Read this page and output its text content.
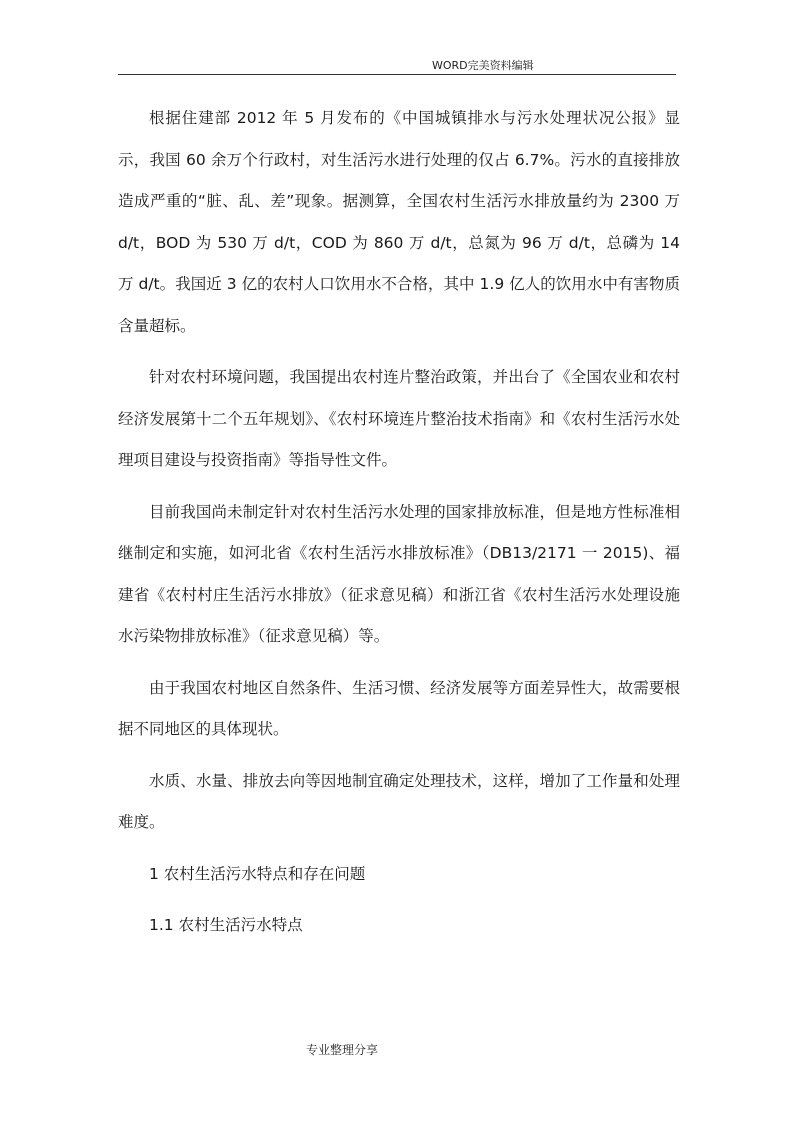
WORD完美资料编辑

根据住建部 2012 年 5 月发布的《中国城镇排水与污水处理状况公报》显示，我国 60 余万个行政村，对生活污水进行处理的仅占 6.7%。污水的直接排放造成严重的“脏、乱、差”现象。据测算，全国农村生活污水排放量约为 2300 万 d/t，BOD 为 530 万 d/t，COD 为 860 万 d/t，总氮为 96 万 d/t，总磷为 14 万 d/t。我国近 3 亿的农村人口饮用水不合格，其中 1.9 亿人的饮用水中有害物质含量超标。

针对农村环境问题，我国提出农村连片整治政策，并出台了《全国农业和农村经济发展第十二个五年规划》、《农村环境连片整治技术指南》和《农村生活污水处理项目建设与投资指南》等指导性文件。

目前我国尚未制定针对农村生活污水处理的国家排放标准，但是地方性标准相继制定和实施，如河北省《农村生活污水排放标准》（DB13/2171 一 2015)、福建省《农村村庄生活污水排放》（征求意见稿）和浙江省《农村生活污水处理设施水污染物排放标准》（征求意见稿）等。

由于我国农村地区自然条件、生活习惯、经济发展等方面差异性大，故需要根据不同地区的具体现状。

水质、水量、排放去向等因地制宜确定处理技术，这样，增加了工作量和处理难度。

1 农村生活污水特点和存在问题

1.1 农村生活污水特点

专业整理分享
